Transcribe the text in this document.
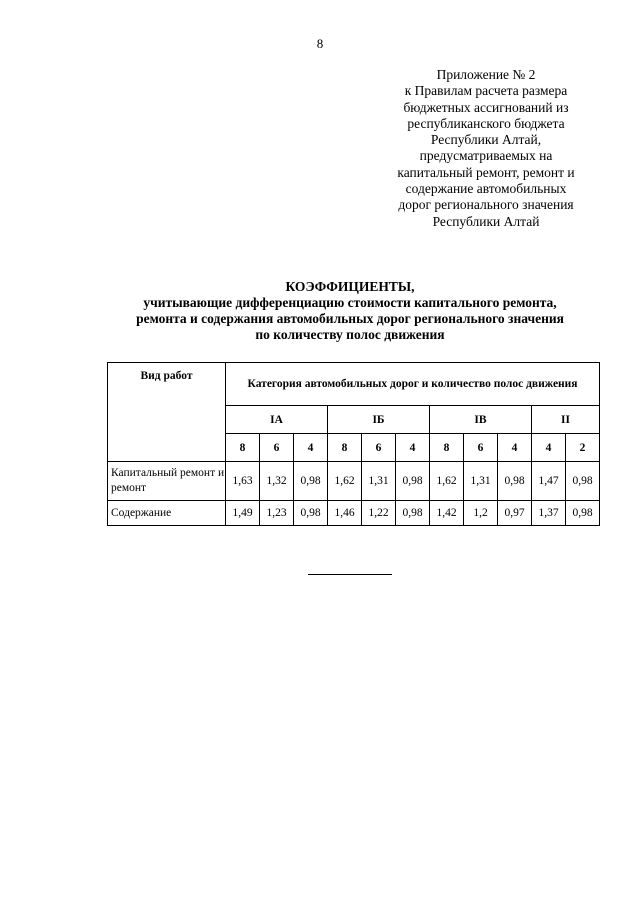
8
Приложение № 2
к Правилам расчета размера
бюджетных ассигнований из
республиканского бюджета
Республики Алтай,
предусматриваемых на
капитальный ремонт, ремонт и
содержание автомобильных
дорог регионального значения
Республики Алтай
КОЭФФИЦИЕНТЫ,
учитывающие дифференциацию стоимости капитального ремонта,
ремонта и содержания автомобильных дорог регионального значения
по количеству полос движения
Вид работ	Категория автомобильных дорог и количество полос движения										
	IА			IБ			IВ			II	
	8	6	4	8	6	4	8	6	4	4	2
Капитальный ремонт и ремонт	1,63	1,32	0,98	1,62	1,31	0,98	1,62	1,31	0,98	1,47	0,98
Содержание	1,49	1,23	0,98	1,46	1,22	0,98	1,42	1,2	0,97	1,37	0,98
